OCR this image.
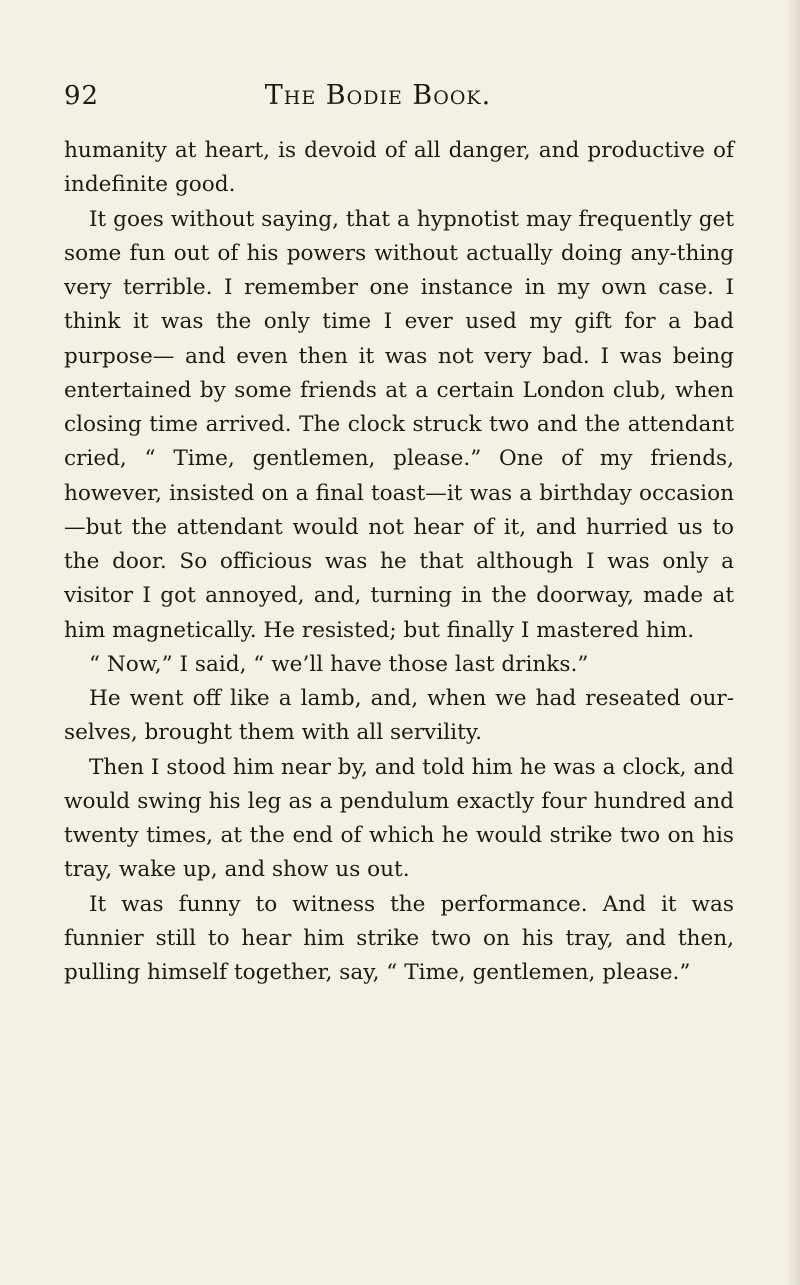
92	The Bodie Book.

humanity at heart, is devoid of all danger, and productive of indefinite good.

It goes without saying, that a hypnotist may frequently get some fun out of his powers without actually doing any-thing very terrible. I remember one instance in my own case. I think it was the only time I ever used my gift for a bad purpose— and even then it was not very bad. I was being entertained by some friends at a certain London club, when closing time arrived. The clock struck two and the attendant cried, “ Time, gentlemen, please.” One of my friends, however, insisted on a final toast—it was a birthday occasion—but the attendant would not hear of it, and hurried us to the door. So officious was he that although I was only a visitor I got annoyed, and, turning in the doorway, made at him magnetically. He resisted; but finally I mastered him.

“ Now,” I said, “ we’ll have those last drinks.”

He went off like a lamb, and, when we had reseated our-selves, brought them with all servility.

Then I stood him near by, and told him he was a clock, and would swing his leg as a pendulum exactly four hundred and twenty times, at the end of which he would strike two on his tray, wake up, and show us out.

It was funny to witness the performance. And it was funnier still to hear him strike two on his tray, and then, pulling himself together, say, “ Time, gentlemen, please.”
